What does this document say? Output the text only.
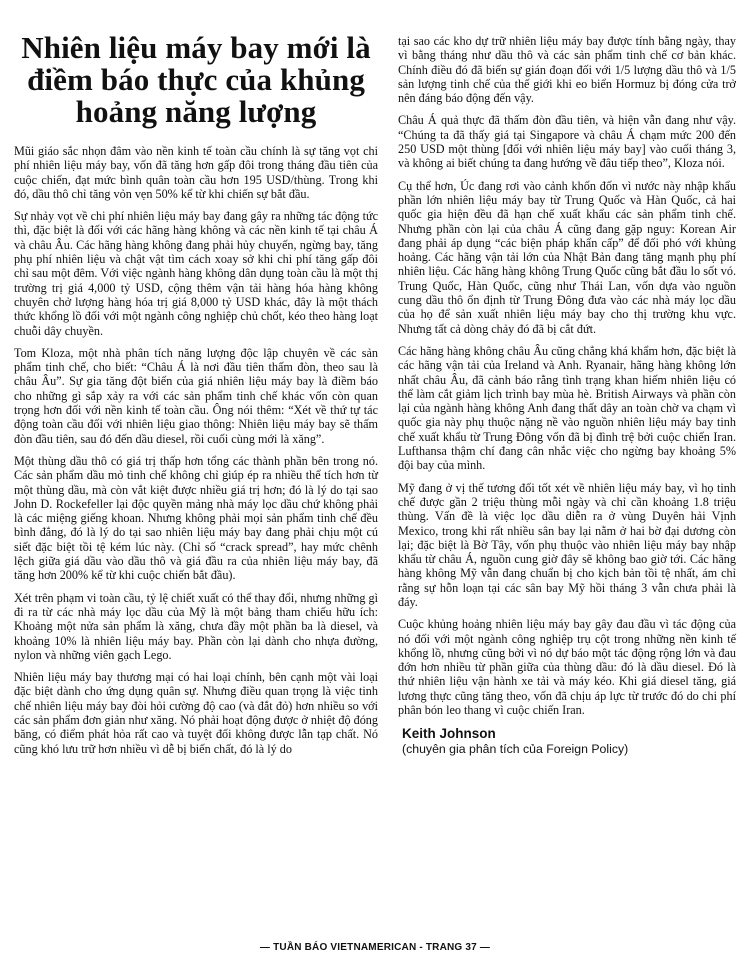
Nhiên liệu máy bay mới là điềm báo thực của khủng hoảng năng lượng

Mũi giáo sắc nhọn đâm vào nền kinh tế toàn cầu chính là sự tăng vọt chi phí nhiên liệu máy bay, vốn đã tăng hơn gấp đôi trong tháng đầu tiên của cuộc chiến, đạt mức bình quân toàn cầu hơn 195 USD/thùng. Trong khi đó, dầu thô chỉ tăng vỏn vẹn 50% kể từ khi chiến sự bắt đầu.

Sự nhảy vọt về chi phí nhiên liệu máy bay đang gây ra những tác động tức thì, đặc biệt là đối với các hãng hàng không và các nền kinh tế tại châu Á và châu Âu. Các hãng hàng không đang phải hủy chuyến, ngừng bay, tăng phụ phí nhiên liệu và chật vật tìm cách xoay sở khi chi phí tăng gấp đôi chỉ sau một đêm. Với việc ngành hàng không dân dụng toàn cầu là một thị trường trị giá 4,000 tỷ USD, cộng thêm vận tải hàng hóa hàng không chuyên chở lượng hàng hóa trị giá 8,000 tỷ USD khác, đây là một thách thức khổng lồ đối với một ngành công nghiệp chủ chốt, kéo theo hàng loạt chuỗi dây chuyền.

Tom Kloza, một nhà phân tích năng lượng độc lập chuyên về các sản phẩm tinh chế, cho biết: “Châu Á là nơi đầu tiên thấm đòn, theo sau là châu Âu”. Sự gia tăng đột biến của giá nhiên liệu máy bay là điềm báo cho những gì sắp xảy ra với các sản phẩm tinh chế khác vốn còn quan trọng hơn đối với nền kinh tế toàn cầu. Ông nói thêm: “Xét về thứ tự tác động toàn cầu đối với nhiên liệu giao thông: Nhiên liệu máy bay sẽ thấm đòn đầu tiên, sau đó đến dầu diesel, rồi cuối cùng mới là xăng”.

Một thùng dầu thô có giá trị thấp hơn tổng các thành phần bên trong nó. Các sản phẩm dầu mỏ tinh chế không chỉ giúp ép ra nhiều thể tích hơn từ một thùng dầu, mà còn vắt kiệt được nhiều giá trị hơn; đó là lý do tại sao John D. Rockefeller lại độc quyền mảng nhà máy lọc dầu chứ không phải là các miệng giếng khoan. Nhưng không phải mọi sản phẩm tinh chế đều bình đẳng, đó là lý do tại sao nhiên liệu máy bay đang phải chịu một cú siết đặc biệt tồi tệ kém lúc này. (Chỉ số “crack spread”, hay mức chênh lệch giữa giá dầu vào dầu thô và giá đầu ra của nhiên liệu máy bay, đã tăng hơn 200% kể từ khi cuộc chiến bắt đầu).

Xét trên phạm vi toàn cầu, tỷ lệ chiết xuất có thể thay đổi, nhưng những gì đi ra từ các nhà máy lọc dầu của Mỹ là một bảng tham chiếu hữu ích: Khoảng một nửa sản phẩm là xăng, chưa đầy một phần ba là diesel, và khoảng 10% là nhiên liệu máy bay. Phần còn lại dành cho nhựa đường, nylon và những viên gạch Lego.

Nhiên liệu máy bay thương mại có hai loại chính, bên cạnh một vài loại đặc biệt dành cho ứng dụng quân sự. Nhưng điều quan trọng là việc tinh chế nhiên liệu máy bay đòi hỏi cường độ cao (và đắt đỏ) hơn nhiều so với các sản phẩm đơn giản như xăng. Nó phải hoạt động được ở nhiệt độ đóng băng, có điểm phát hỏa rất cao và tuyệt đối không được lẫn tạp chất. Nó cũng khó lưu trữ hơn nhiều vì dễ bị biến chất, đó là lý do

tại sao các kho dự trữ nhiên liệu máy bay được tính bằng ngày, thay vì bằng tháng như dầu thô và các sản phẩm tinh chế cơ bản khác. Chính điều đó đã biến sự gián đoạn đối với 1/5 lượng dầu thô và 1/5 sản lượng tinh chế của thế giới khi eo biển Hormuz bị đóng cửa trở nên đáng báo động đến vậy.

Châu Á quả thực đã thấm đòn đầu tiên, và hiện vẫn đang như vậy. “Chúng ta đã thấy giá tại Singapore và châu Á chạm mức 200 đến 250 USD một thùng [đối với nhiên liệu máy bay] vào cuối tháng 3, và không ai biết chúng ta đang hướng về đâu tiếp theo”, Kloza nói.

Cụ thể hơn, Úc đang rơi vào cảnh khốn đốn vì nước này nhập khẩu phần lớn nhiên liệu máy bay từ Trung Quốc và Hàn Quốc, cả hai quốc gia hiện đều đã hạn chế xuất khẩu các sản phẩm tinh chế. Nhưng phần còn lại của châu Á cũng đang gặp nguy: Korean Air đang phải áp dụng “các biện pháp khẩn cấp” để đối phó với khủng hoảng. Các hãng vận tải lớn của Nhật Bản đang tăng mạnh phụ phí nhiên liệu. Các hãng hàng không Trung Quốc cũng bắt đầu lo sốt vó. Trung Quốc, Hàn Quốc, cũng như Thái Lan, vốn dựa vào nguồn cung dầu thô ổn định từ Trung Đông đưa vào các nhà máy lọc dầu của họ để sản xuất nhiên liệu máy bay cho thị trường khu vực. Nhưng tất cả dòng chảy đó đã bị cắt đứt.

Các hãng hàng không châu Âu cũng chẳng khá khẩm hơn, đặc biệt là các hãng vận tải của Ireland và Anh. Ryanair, hãng hàng không lớn nhất châu Âu, đã cảnh báo rằng tình trạng khan hiếm nhiên liệu có thể làm cắt giảm lịch trình bay mùa hè. British Airways và phần còn lại của ngành hàng không Anh đang thất dây an toàn chờ va chạm vì quốc gia này phụ thuộc nặng nề vào nguồn nhiên liệu máy bay tinh chế xuất khẩu từ Trung Đông vốn đã bị đình trệ bởi cuộc chiến Iran. Lufthansa thậm chí đang cân nhắc việc cho ngừng bay khoảng 5% đội bay của mình.

Mỹ đang ở vị thế tương đối tốt xét về nhiên liệu máy bay, vì họ tinh chế được gần 2 triệu thùng mỗi ngày và chỉ cần khoảng 1.8 triệu thùng. Vấn đề là việc lọc dầu diễn ra ở vùng Duyên hải Vịnh Mexico, trong khi rất nhiều sân bay lại nằm ở hai bờ đại dương còn lại; đặc biệt là Bờ Tây, vốn phụ thuộc vào nhiên liệu máy bay nhập khẩu từ châu Á, nguồn cung giờ đây sẽ không bao giờ tới. Các hãng hàng không Mỹ vẫn đang chuẩn bị cho kịch bản tồi tệ nhất, ám chỉ rằng sự hỗn loạn tại các sân bay Mỹ hồi tháng 3 vẫn chưa phải là đáy.

Cuộc khủng hoảng nhiên liệu máy bay gây đau đầu vì tác động của nó đối với một ngành công nghiệp trụ cột trong những nền kinh tế khổng lồ, nhưng cũng bởi vì nó dự báo một tác động rộng lớn và đau đớn hơn nhiều từ phần giữa của thùng dầu: đó là dầu diesel. Đó là thứ nhiên liệu vận hành xe tải và máy kéo. Khi giá diesel tăng, giá lương thực cũng tăng theo, vốn đã chịu áp lực từ trước đó do chi phí phân bón leo thang vì cuộc chiến Iran.

Keith Johnson
(chuyên gia phân tích của Foreign Policy)
— TUẦN BÁO VIETNAMERICAN - TRANG 37 —
